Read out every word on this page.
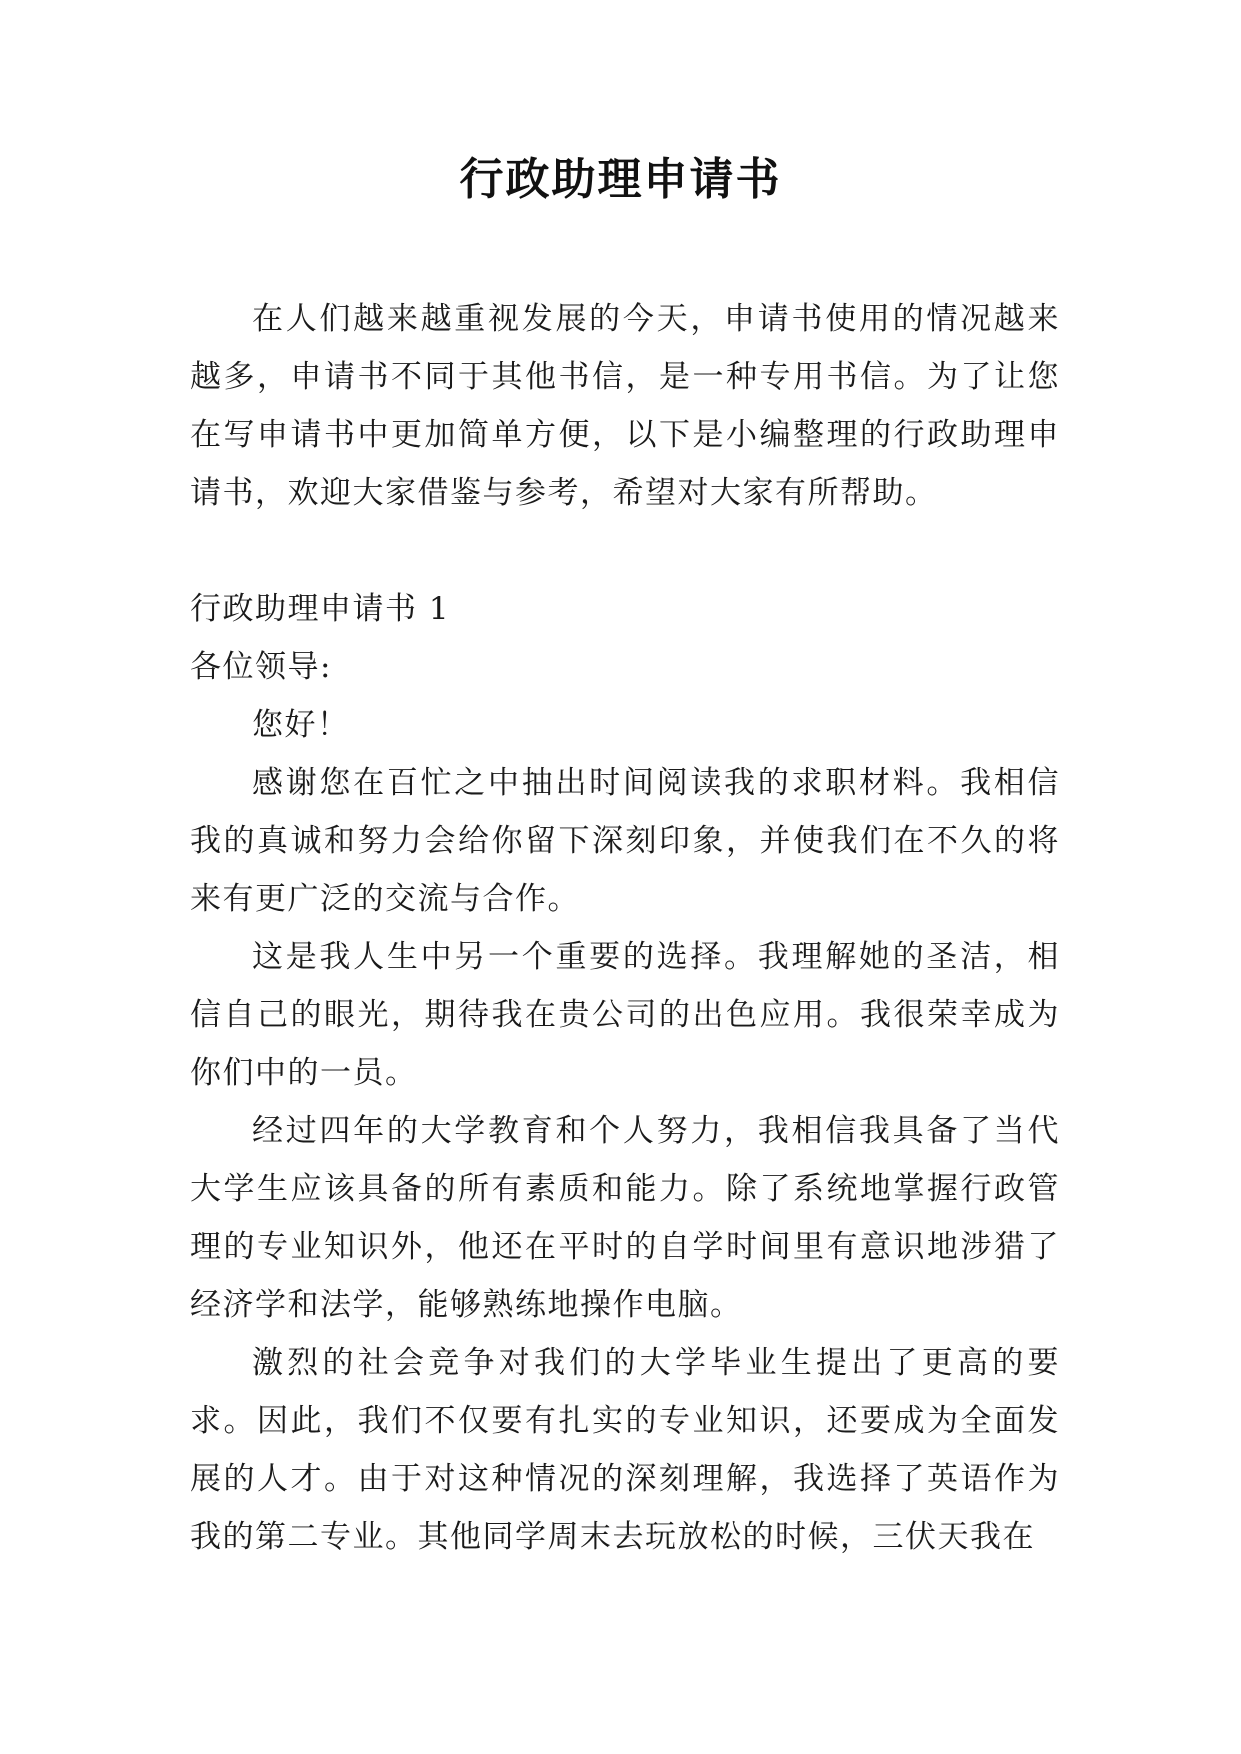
行政助理申请书

在人们越来越重视发展的今天，申请书使用的情况越来越多，申请书不同于其他书信，是一种专用书信。为了让您在写申请书中更加简单方便，以下是小编整理的行政助理申请书，欢迎大家借鉴与参考，希望对大家有所帮助。

行政助理申请书 1

各位领导:

您好！

感谢您在百忙之中抽出时间阅读我的求职材料。我相信我的真诚和努力会给你留下深刻印象，并使我们在不久的将来有更广泛的交流与合作。

这是我人生中另一个重要的选择。我理解她的圣洁，相信自己的眼光，期待我在贵公司的出色应用。我很荣幸成为你们中的一员。

经过四年的大学教育和个人努力，我相信我具备了当代大学生应该具备的所有素质和能力。除了系统地掌握行政管理的专业知识外，他还在平时的自学时间里有意识地涉猎了经济学和法学，能够熟练地操作电脑。

激烈的社会竞争对我们的大学毕业生提出了更高的要求。因此，我们不仅要有扎实的专业知识，还要成为全面发展的人才。由于对这种情况的深刻理解，我选择了英语作为我的第二专业。其他同学周末去玩放松的时候，三伏天我在
